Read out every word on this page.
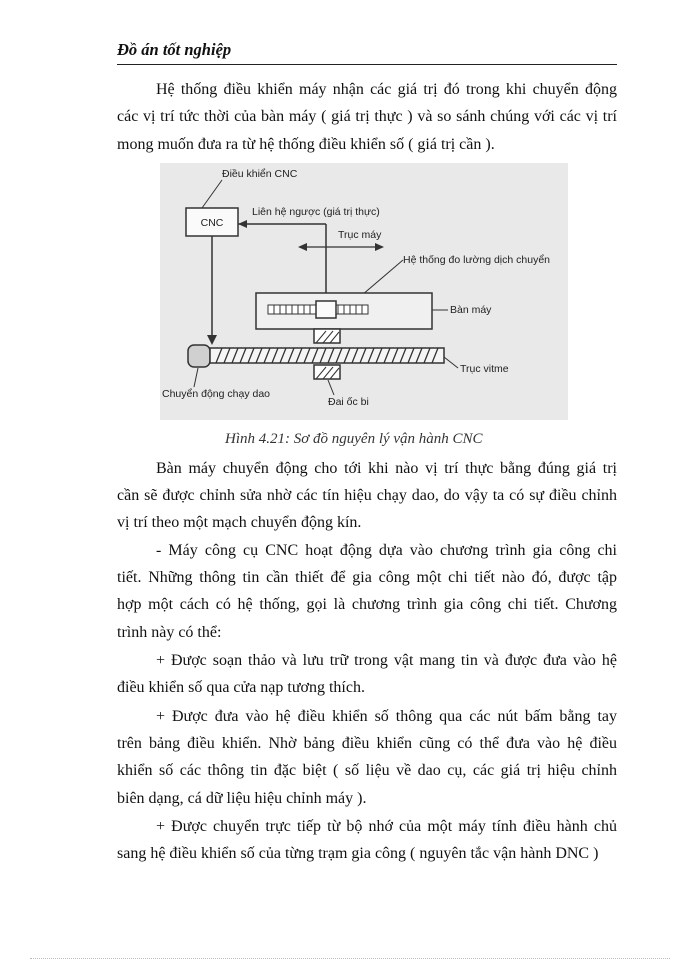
Đồ án tốt nghiệp
Hệ thống điều khiển máy nhận các giá trị đó trong khi chuyển động
các vị trí tức thời của bàn máy ( giá trị thực ) và so sánh chúng với các vị trí
mong muốn đưa ra từ hệ thống điều khiển số ( giá trị cần ).
CNC
Điều khiển CNC
Liên hệ ngược (giá trị thực)
Trục máy
Hệ thống đo lường dịch chuyển
Bàn máy
Trục vitme
Chuyển động chạy dao
Đai ốc bi
Hình 4.21: Sơ đồ nguyên lý vận hành CNC
Bàn máy chuyển động cho tới khi nào vị trí thực bằng đúng giá trị
cần sẽ được chỉnh sửa nhờ các tín hiệu chạy dao, do vậy ta có sự điều chỉnh
vị trí theo một mạch chuyển động kín.
- Máy công cụ CNC hoạt động dựa vào chương trình gia công chi
tiết. Những thông tin cần thiết để gia công một chi tiết nào đó, được tập
hợp một cách có hệ thống, gọi là chương trình gia công chi tiết. Chương
trình này có thể:
+ Được soạn thảo và lưu trữ trong vật mang tin và được đưa vào hệ
điều khiển số qua cửa nạp tương thích.
+ Được đưa vào hệ điều khiển số thông qua các nút bấm bằng tay
trên bảng điều khiển. Nhờ bảng điều khiển cũng có thể đưa vào hệ điều
khiển số các thông tin đặc biệt ( số liệu về dao cụ, các giá trị hiệu chỉnh
biên dạng, cá dữ liệu hiệu chỉnh máy ).
+ Được chuyển trực tiếp từ bộ nhớ của một máy tính điều hành chủ
sang hệ điều khiển số của từng trạm gia công ( nguyên tắc vận hành DNC )
